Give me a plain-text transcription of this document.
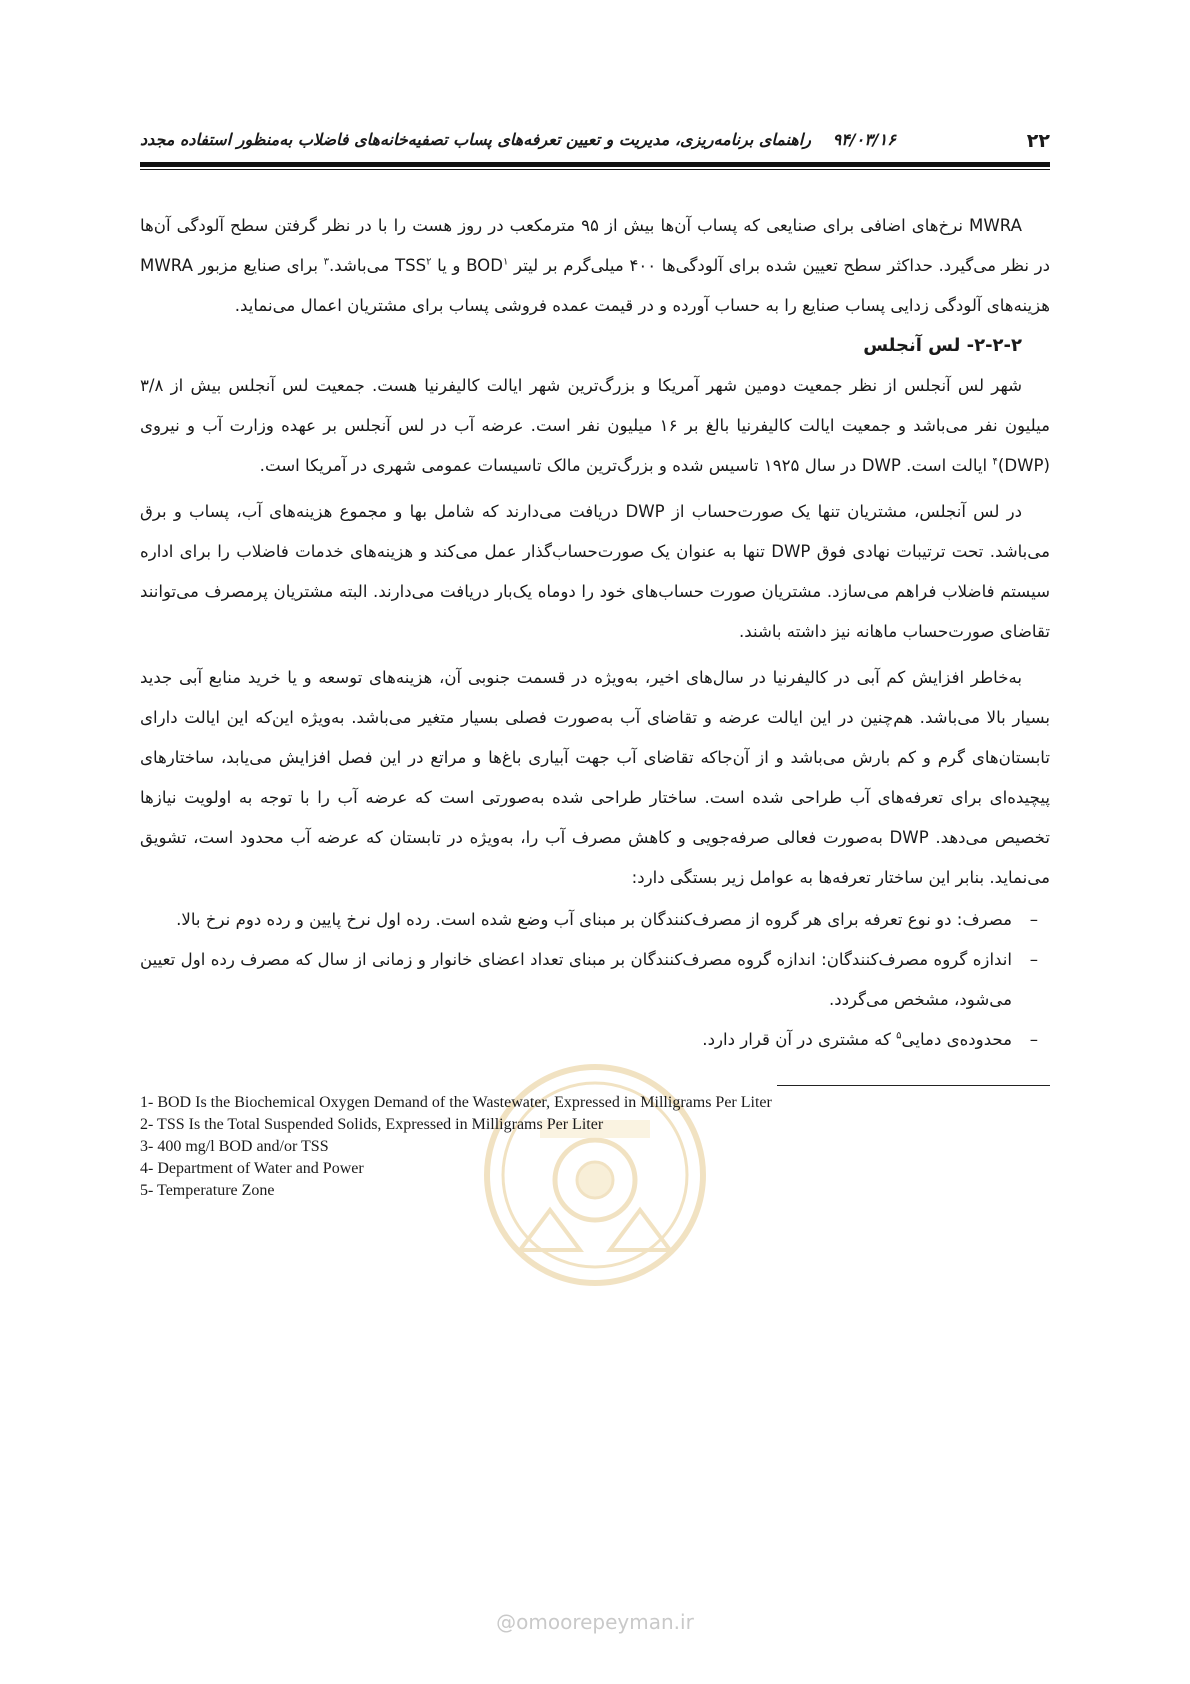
۲۲
۹۴/۰۳/۱۶ راهنمای برنامه‌ریزی، مدیریت و تعیین تعرفه‌های پساب تصفیه‌خانه‌های فاضلاب به‌منظور استفاده مجدد
@omoorepeyman.ir

MWRA نرخ‌های اضافی برای صنایعی که پساب آن‌ها بیش از ۹۵ مترمکعب در روز هست را با در نظر گرفتن سطح آلودگی آن‌ها در نظر می‌گیرد. حداکثر سطح تعیین شده برای آلودگی‌ها ۴۰۰ میلی‌گرم بر لیتر BOD$^۱$ و یا TSS$^۲$ می‌باشد.$^۳$ برای صنایع مزبور MWRA هزینه‌های آلودگی زدایی پساب صنایع را به حساب آورده و در قیمت عمده فروشی پساب برای مشتریان اعمال می‌نماید.

۲-۲-۲- لس آنجلس

شهر لس آنجلس از نظر جمعیت دومین شهر آمریکا و بزرگ‌ترین شهر ایالت کالیفرنیا هست. جمعیت لس آنجلس بیش از ۳/۸ میلیون نفر می‌باشد و جمعیت ایالت کالیفرنیا بالغ بر ۱۶ میلیون نفر است. عرضه آب در لس آنجلس بر عهده وزارت آب و نیروی (DWP)$^۴$ ایالت است. DWP در سال ۱۹۲۵ تاسیس شده و بزرگ‌ترین مالک تاسیسات عمومی شهری در آمریکا است.

در لس آنجلس، مشتریان تنها یک صورت‌حساب از DWP دریافت می‌دارند که شامل بها و مجموع هزینه‌های آب، پساب و برق می‌باشد. تحت ترتیبات نهادی فوق DWP تنها به عنوان یک صورت‌حساب‌گذار عمل می‌کند و هزینه‌های خدمات فاضلاب را برای اداره سیستم فاضلاب فراهم می‌سازد. مشتریان صورت حساب‌های خود را دوماه یک‌بار دریافت می‌دارند. البته مشتریان پرمصرف می‌توانند تقاضای صورت‌حساب ماهانه نیز داشته باشند.

به‌خاطر افزایش کم آبی در کالیفرنیا در سال‌های اخیر، به‌ویژه در قسمت جنوبی آن، هزینه‌های توسعه و یا خرید منابع آبی جدید بسیار بالا می‌باشد. هم‌چنین در این ایالت عرضه و تقاضای آب به‌صورت فصلی بسیار متغیر می‌باشد. به‌ویژه این‌که این ایالت دارای تابستان‌های گرم و کم بارش می‌باشد و از آن‌جاکه تقاضای آب جهت آبیاری باغ‌ها و مراتع در این فصل افزایش می‌یابد، ساختارهای پیچیده‌ای برای تعرفه‌های آب طراحی شده است. ساختار طراحی شده به‌صورتی است که عرضه آب را با توجه به اولویت نیازها تخصیص می‌دهد. DWP به‌صورت فعالی صرفه‌جویی و کاهش مصرف آب را، به‌ویژه در تابستان که عرضه آب محدود است، تشویق می‌نماید. بنابر این ساختار تعرفه‌ها به عوامل زیر بستگی دارد:

–
مصرف: دو نوع تعرفه برای هر گروه از مصرف‌کنندگان بر مبنای آب وضع شده است. رده اول نرخ پایین و رده دوم نرخ بالا.
–
اندازه گروه مصرف‌کنندگان: اندازه گروه مصرف‌کنندگان بر مبنای تعداد اعضای خانوار و زمانی از سال که مصرف رده اول تعیین می‌شود، مشخص می‌گردد.
–
محدوده‌ی دمایی$^۵$ که مشتری در آن قرار دارد.
1- BOD Is the Biochemical Oxygen Demand of the Wastewater, Expressed in Milligrams Per Liter
2- TSS Is the Total Suspended Solids, Expressed in Milligrams Per Liter
3- 400 mg/l BOD and/or TSS
4- Department of Water and Power
5- Temperature Zone
